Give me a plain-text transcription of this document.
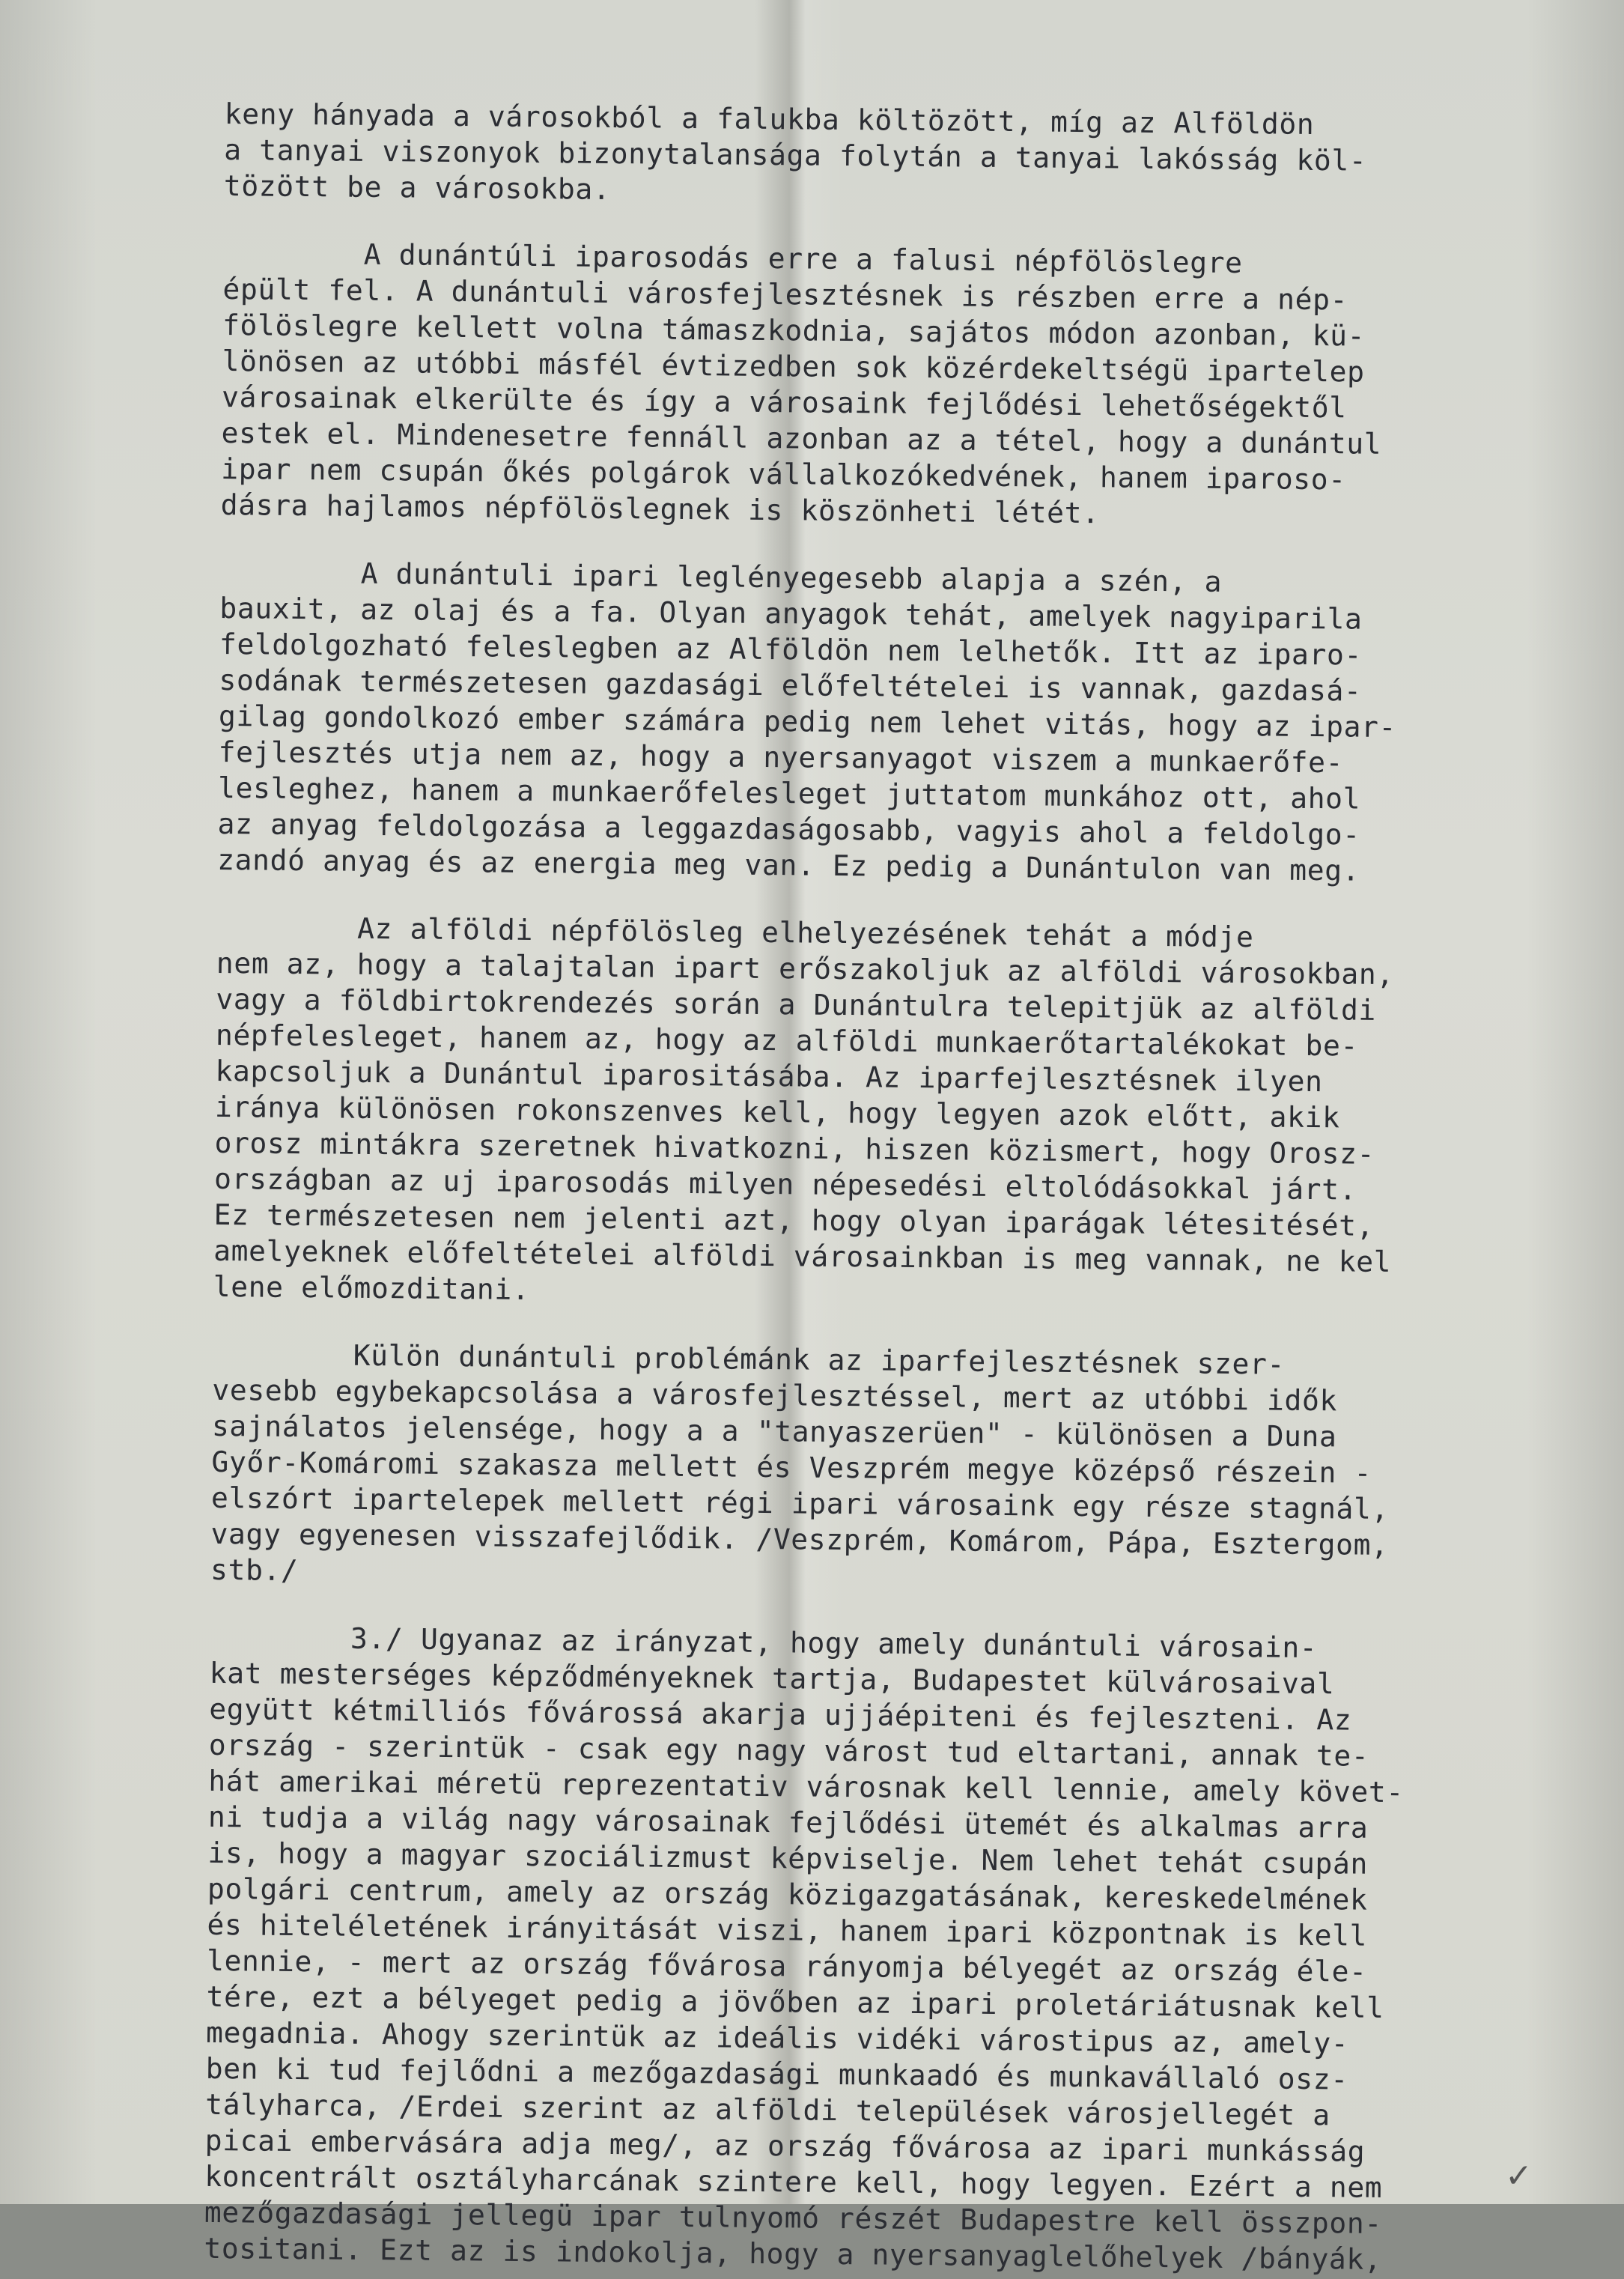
keny hányada a városokból a falukba költözött, míg az Alföldön
a tanyai viszonyok bizonytalansága folytán a tanyai lakósság köl-
tözött be a városokba.
A dunántúli iparosodás erre a falusi népfölöslegre
épült fel. A dunántuli városfejlesztésnek is részben erre a nép-
fölöslegre kellett volna támaszkodnia, sajátos módon azonban, kü-
lönösen az utóbbi másfél évtizedben sok közérdekeltségü ipartelep
városainak elkerülte és így a városaink fejlődési lehetőségektől
estek el. Mindenesetre fennáll azonban az a tétel, hogy a dunántul
ipar nem csupán őkés polgárok vállalkozókedvének, hanem iparoso-
dásra hajlamos népfölöslegnek is köszönheti létét.
A dunántuli ipari leglényegesebb alapja a szén, a
bauxit, az olaj és a fa. Olyan anyagok tehát, amelyek nagyiparila
feldolgozható feleslegben az Alföldön nem lelhetők. Itt az iparo-
sodának természetesen gazdasági előfeltételei is vannak, gazdasá-
gilag gondolkozó ember számára pedig nem lehet vitás, hogy az ipar-
fejlesztés utja nem az, hogy a nyersanyagot viszem a munkaerőfe-
lesleghez, hanem a munkaerőfelesleget juttatom munkához ott, ahol
az anyag feldolgozása a leggazdaságosabb, vagyis ahol a feldolgo-
zandó anyag és az energia meg van. Ez pedig a Dunántulon van meg.
Az alföldi népfölösleg elhelyezésének tehát a módje
nem az, hogy a talajtalan ipart erőszakoljuk az alföldi városokban,
vagy a földbirtokrendezés során a Dunántulra telepitjük az alföldi
népfelesleget, hanem az, hogy az alföldi munkaerőtartalékokat be-
kapcsoljuk a Dunántul iparositásába. Az iparfejlesztésnek ilyen
iránya különösen rokonszenves kell, hogy legyen azok előtt, akik
orosz mintákra szeretnek hivatkozni, hiszen közismert, hogy Orosz-
országban az uj iparosodás milyen népesedési eltolódásokkal járt.
Ez természetesen nem jelenti azt, hogy olyan iparágak létesitését,
amelyeknek előfeltételei alföldi városainkban is meg vannak, ne kel
lene előmozditani.
Külön dunántuli problémánk az iparfejlesztésnek szer-
vesebb egybekapcsolása a városfejlesztéssel, mert az utóbbi idők
sajnálatos jelensége, hogy a a "tanyaszerüen" - különösen a Duna
Győr-Komáromi szakasza mellett és Veszprém megye középső részein -
elszórt ipartelepek mellett régi ipari városaink egy része stagnál,
vagy egyenesen visszafejlődik. /Veszprém, Komárom, Pápa, Esztergom,
stb./
3./ Ugyanaz az irányzat, hogy amely dunántuli városain-
kat mesterséges képződményeknek tartja, Budapestet külvárosaival
együtt kétmilliós fővárossá akarja ujjáépiteni és fejleszteni. Az
ország - szerintük - csak egy nagy várost tud eltartani, annak te-
hát amerikai méretü reprezentativ városnak kell lennie, amely követ-
ni tudja a világ nagy városainak fejlődési ütemét és alkalmas arra
is, hogy a magyar szociálizmust képviselje. Nem lehet tehát csupán
polgári centrum, amely az ország közigazgatásának, kereskedelmének
és hiteléletének irányitását viszi, hanem ipari központnak is kell
lennie, - mert az ország fővárosa rányomja bélyegét az ország éle-
tére, ezt a bélyeget pedig a jövőben az ipari proletáriátusnak kell
megadnia. Ahogy szerintük az ideális vidéki várostipus az, amely-
ben ki tud fejlődni a mezőgazdasági munkaadó és munkavállaló osz-
tályharca, /Erdei szerint az alföldi települések városjellegét a
picai embervására adja meg/, az ország fővárosa az ipari munkásság
koncentrált osztályharcának szintere kell, hogy legyen. Ezért a nem
mezőgazdasági jellegü ipar tulnyomó részét Budapestre kell összpon-
tositani. Ezt az is indokolja, hogy a nyersanyaglelőhelyek /bányák,
✓
